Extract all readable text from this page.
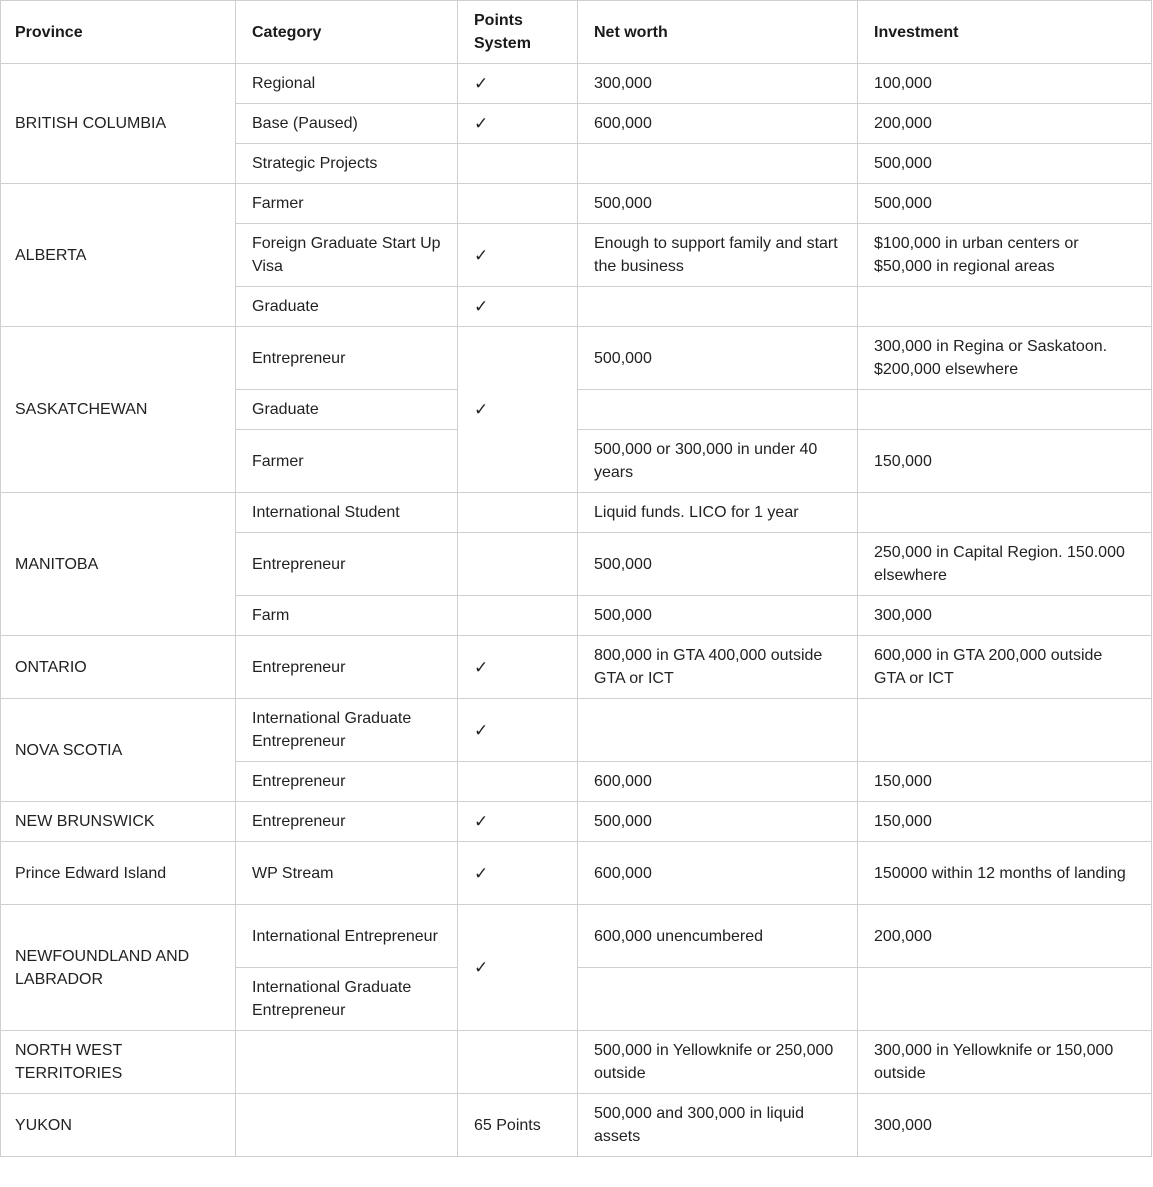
Province	Category	Points System	Net worth	Investment
BRITISH COLUMBIA	Regional	✓	300,000	100,000
	Base (Paused)	✓	600,000	200,000
	Strategic Projects			500,000
ALBERTA	Farmer		500,000	500,000
	Foreign Graduate Start Up Visa	✓	Enough to support family and start the business	$100,000 in urban centers or $50,000 in regional areas
	Graduate	✓		
SASKATCHEWAN	Entrepreneur	✓	500,000	300,000 in Regina or Saskatoon. $200,000 elsewhere
	Graduate			
	Farmer		500,000 or 300,000 in under 40 years	150,000
MANITOBA	International Student		Liquid funds. LICO for 1 year	
	Entrepreneur		500,000	250,000 in Capital Region. 150.000 elsewhere
	Farm		500,000	300,000
ONTARIO	Entrepreneur	✓	800,000 in GTA 400,000 outside GTA or ICT	600,000 in GTA 200,000 outside GTA or ICT
NOVA SCOTIA	International Graduate Entrepreneur	✓		
	Entrepreneur		600,000	150,000
NEW BRUNSWICK	Entrepreneur	✓	500,000	150,000
Prince Edward Island	WP Stream	✓	600,000	150000 within 12 months of landing
NEWFOUNDLAND AND LABRADOR	International Entrepreneur	✓	600,000 unencumbered	200,000
	International Graduate Entrepreneur			
NORTH WEST TERRITORIES			500,000 in Yellowknife or 250,000 outside	300,000 in Yellowknife or 150,000 outside
YUKON		65 Points	500,000 and 300,000 in liquid assets	300,000
